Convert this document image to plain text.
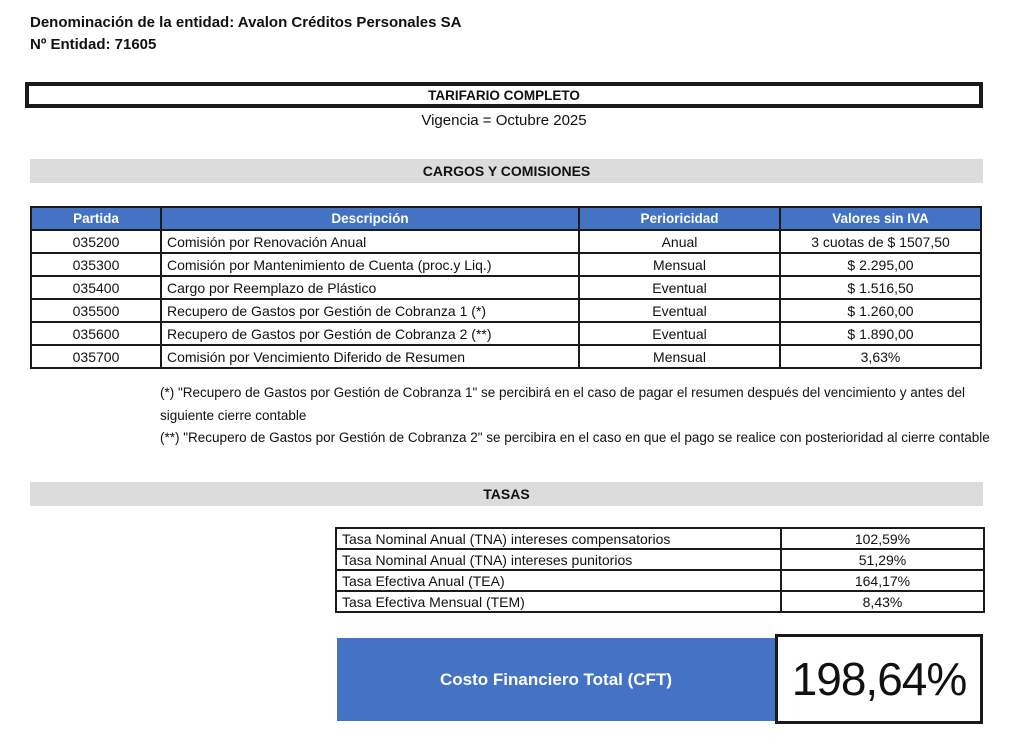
Denominación de la entidad: Avalon Créditos Personales SA
Nº Entidad: 71605
TARIFARIO COMPLETO
Vigencia = Octubre 2025
CARGOS Y COMISIONES
Partida	Descripción	Perioricidad	Valores sin IVA
035200	Comisión por Renovación Anual	Anual	3 cuotas de $ 1507,50
035300	Comisión por Mantenimiento de Cuenta (proc.y Liq.)	Mensual	$ 2.295,00
035400	Cargo por Reemplazo de Plástico	Eventual	$ 1.516,50
035500	Recupero de Gastos por Gestión de Cobranza 1 (*)	Eventual	$ 1.260,00
035600	Recupero de Gastos por Gestión de Cobranza 2 (**)	Eventual	$ 1.890,00
035700	Comisión por Vencimiento Diferido de Resumen	Mensual	3,63%

(*) "Recupero de Gastos por Gestión de Cobranza 1" se percibirá en el caso de pagar el resumen después del vencimiento y antes del siguiente cierre contable

(**) "Recupero de Gastos por Gestión de Cobranza 2" se percibira en el caso en que el pago se realice con posterioridad al cierre contable

TASAS
Tasa Nominal Anual (TNA) intereses compensatorios	102,59%
Tasa Nominal Anual (TNA) intereses punitorios	51,29%
Tasa Efectiva Anual (TEA)	164,17%
Tasa Efectiva Mensual (TEM)	8,43%
Costo Financiero Total (CFT)	198,64%
